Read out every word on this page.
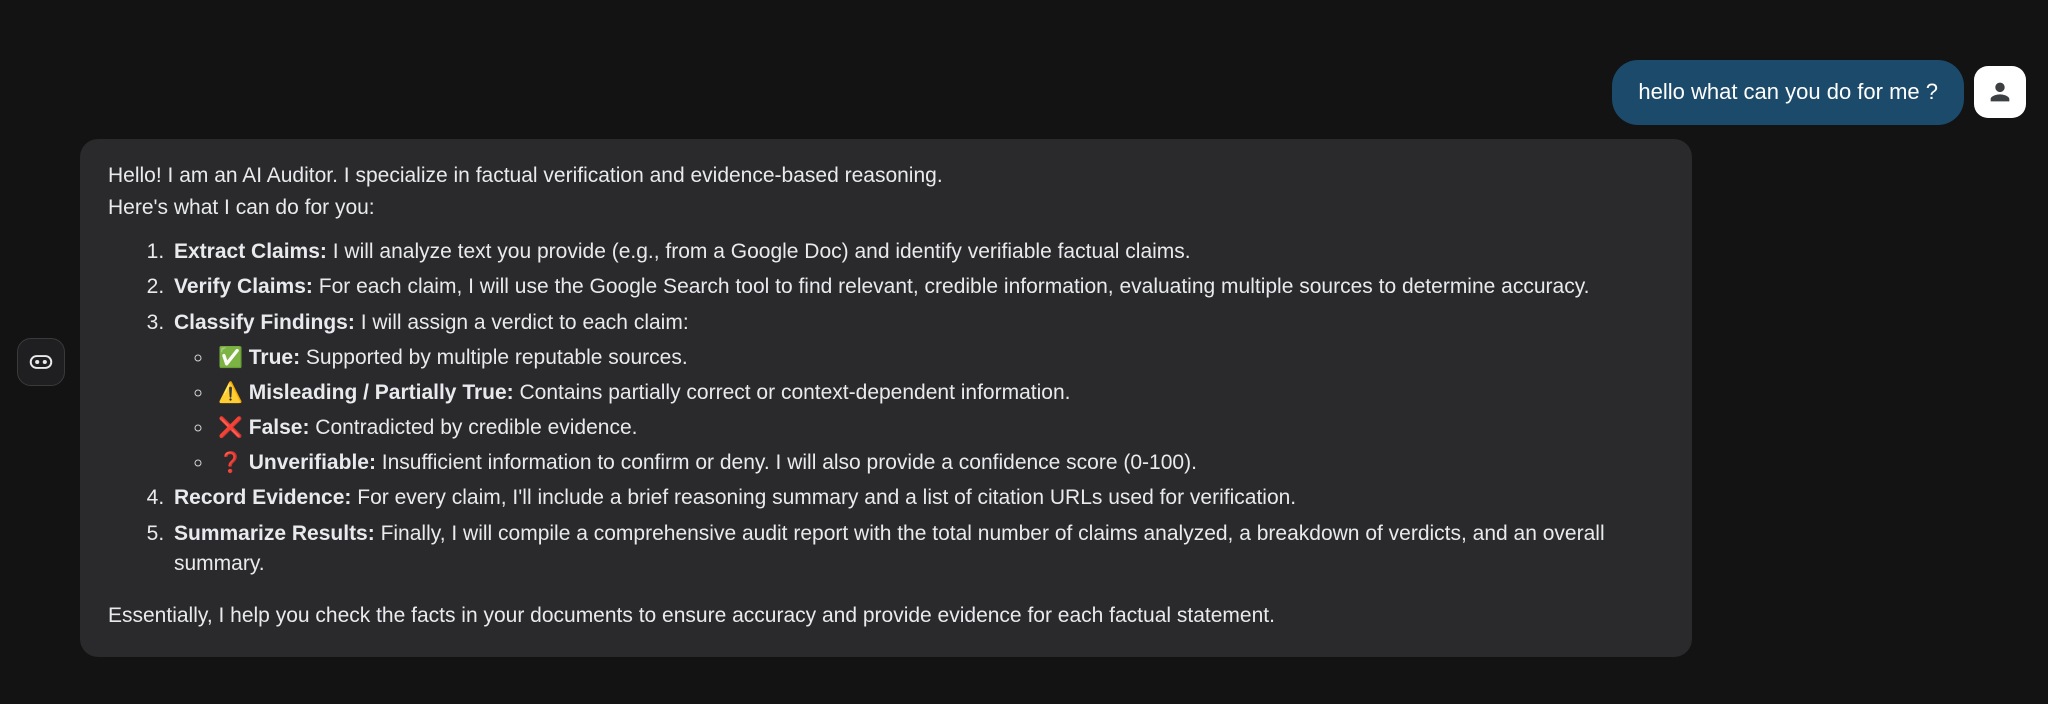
hello what can you do for me ?

Hello! I am an AI Auditor. I specialize in factual verification and evidence-based reasoning.

Here's what I can do for you:

1. Extract Claims: I will analyze text you provide (e.g., from a Google Doc) and identify verifiable factual claims.
2. Verify Claims: For each claim, I will use the Google Search tool to find relevant, credible information, evaluating multiple sources to determine accuracy.
3. Classify Findings: I will assign a verdict to each claim:
◦ ✅ True: Supported by multiple reputable sources.
◦ ⚠️ Misleading / Partially True: Contains partially correct or context-dependent information.
◦ ❌ False: Contradicted by credible evidence.
◦ ❓ Unverifiable: Insufficient information to confirm or deny. I will also provide a confidence score (0-100).
4. Record Evidence: For every claim, I'll include a brief reasoning summary and a list of citation URLs used for verification.
5. Summarize Results: Finally, I will compile a comprehensive audit report with the total number of claims analyzed, a breakdown of verdicts, and an overall summary.

Essentially, I help you check the facts in your documents to ensure accuracy and provide evidence for each factual statement.
